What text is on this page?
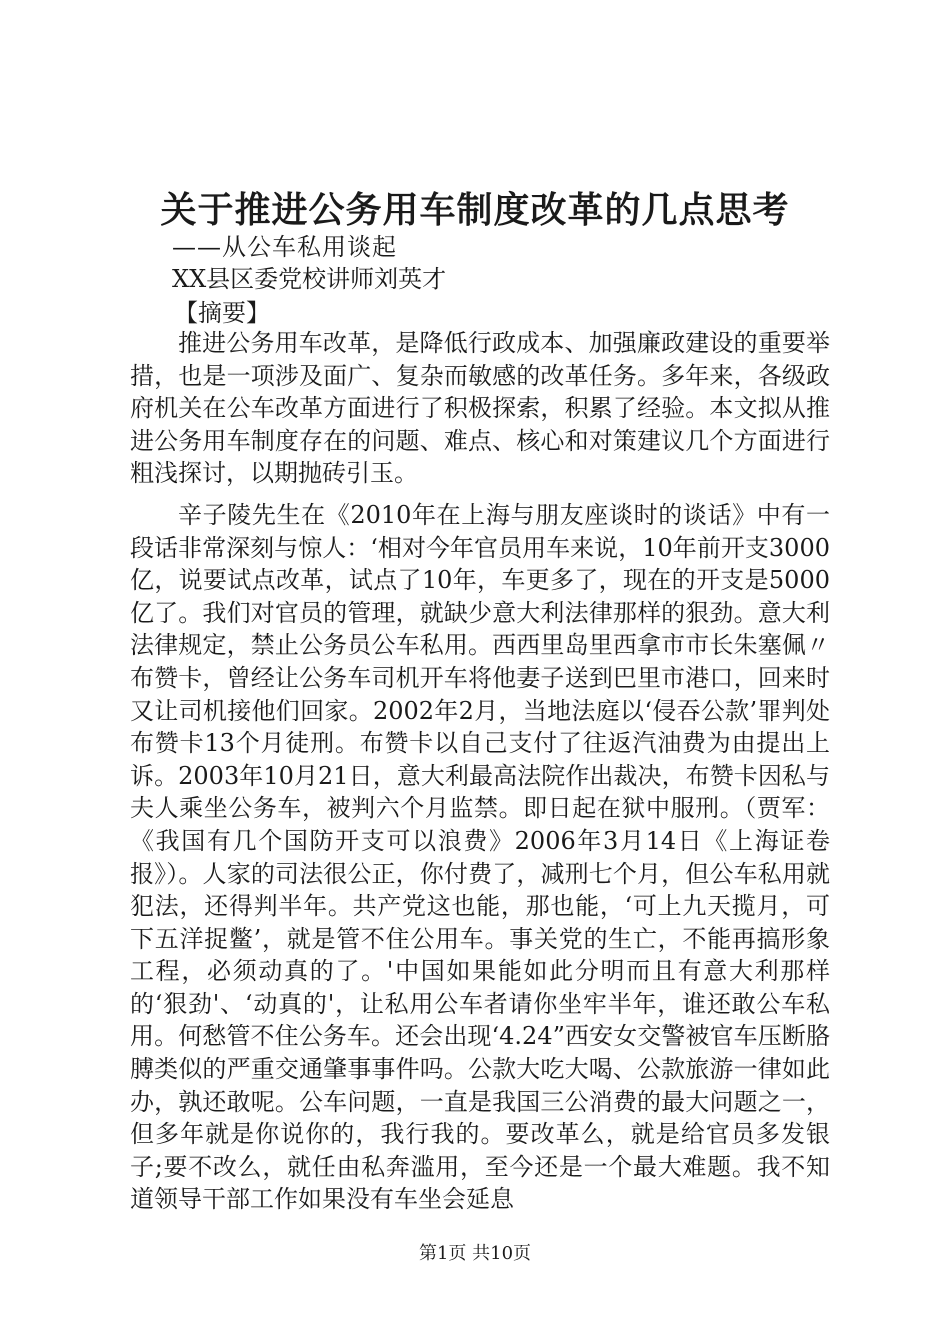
关于推进公务用车制度改革的几点思考
——从公车私用谈起
XX县区委党校讲师刘英才
【摘要】

推进公务用车改革，是降低行政成本、加强廉政建设的重要举措，也是一项涉及面广、复杂而敏感的改革任务。多年来，各级政府机关在公车改革方面进行了积极探索，积累了经验。本文拟从推进公务用车制度存在的问题、难点、核心和对策建议几个方面进行粗浅探讨，以期抛砖引玉。

辛子陵先生在《2010年在上海与朋友座谈时的谈话》中有一段话非常深刻与惊人：‘相对今年官员用车来说，10年前开支3000亿，说要试点改革，试点了10年，车更多了，现在的开支是5000亿了。我们对官员的管理，就缺少意大利法律那样的狠劲。意大利法律规定，禁止公务员公车私用。西西里岛里西拿市市长朱塞佩〃布赞卡，曾经让公务车司机开车将他妻子送到巴里市港口，回来时又让司机接他们回家。2002年2月，当地法庭以‘侵吞公款’罪判处布赞卡13个月徒刑。布赞卡以自己支付了往返汽油费为由提出上诉。2003年10月21日，意大利最高法院作出裁决，布赞卡因私与夫人乘坐公务车，被判六个月监禁。即日起在狱中服刑。（贾军：《我国有几个国防开支可以浪费》2006年3月14日《上海证卷报》）。人家的司法很公正，你付费了，减刑七个月，但公车私用就犯法，还得判半年。共产党这也能，那也能，‘可上九天揽月，可下五洋捉鳖’，就是管不住公用车。事关党的生亡，不能再搞形象工程，必须动真的了。'中国如果能如此分明而且有意大利那样的‘狠劲'、‘动真的'，让私用公车者请你坐牢半年，谁还敢公车私用。何愁管不住公务车。还会出现‘4.24”西安女交警被官车压断胳膊类似的严重交通肇事事件吗。公款大吃大喝、公款旅游一律如此办，孰还敢呢。公车问题，一直是我国三公消费的最大问题之一，但多年就是你说你的，我行我的。要改革么，就是给官员多发银子;要不改么，就任由私奔滥用，至今还是一个最大难题。我不知道领导干部工作如果没有车坐会延息

第1页 共10页
